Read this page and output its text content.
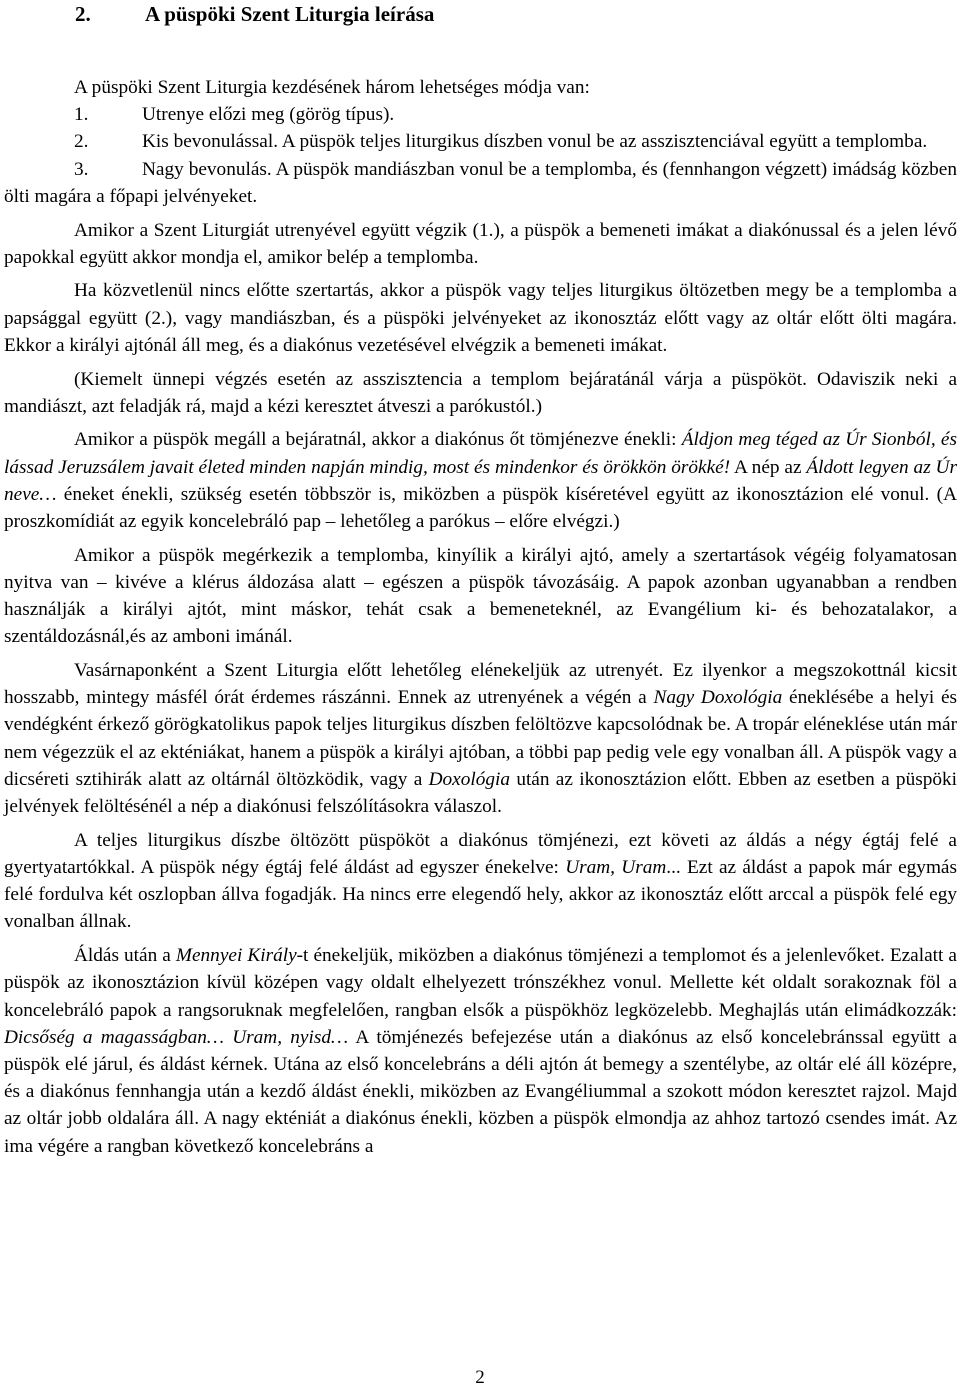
2.	A püspöki Szent Liturgia leírása

A püspöki Szent Liturgia kezdésének három lehetséges módja van:

1.	Utrenye előzi meg (görög típus).

2.	Kis bevonulással. A püspök teljes liturgikus díszben vonul be az asszisztenciával együtt a templomba.

3.	Nagy bevonulás. A püspök mandiászban vonul be a templomba, és (fennhangon végzett) imádság közben ölti magára a főpapi jelvényeket.

Amikor a Szent Liturgiát utrenyével együtt végzik (1.), a püspök a bemeneti imákat a diakónussal és a jelen lévő papokkal együtt akkor mondja el, amikor belép a templomba.

Ha közvetlenül nincs előtte szertartás, akkor a püspök vagy teljes liturgikus öltözetben megy be a templomba a papsággal együtt (2.), vagy mandiászban, és a püspöki jelvényeket az ikonosztáz előtt vagy az oltár előtt ölti magára. Ekkor a királyi ajtónál áll meg, és a diakónus vezetésével elvégzik a bemeneti imákat.

(Kiemelt ünnepi végzés esetén az asszisztencia a templom bejáratánál várja a püspököt. Odaviszik neki a mandiászt, azt feladják rá, majd a kézi keresztet átveszi a parókustól.)

Amikor a püspök megáll a bejáratnál, akkor a diakónus őt tömjénezve énekli: Áldjon meg téged az Úr Sionból, és lássad Jeruzsálem javait életed minden napján mindig, most és mindenkor és örökkön örökké! A nép az Áldott legyen az Úr neve… éneket énekli, szükség esetén többször is, miközben a püspök kíséretével együtt az ikonosztázion elé vonul. (A proszkomídiát az egyik koncelebráló pap – lehetőleg a parókus – előre elvégzi.)

Amikor a püspök megérkezik a templomba, kinyílik a királyi ajtó, amely a szertartások végéig folyamatosan nyitva van – kivéve a klérus áldozása alatt – egészen a püspök távozásáig. A papok azonban ugyanabban a rendben használják a királyi ajtót, mint máskor, tehát csak a bemeneteknél, az Evangélium ki- és behozatalakor, a szentáldozásnál,és az amboni imánál.

Vasárnaponként a Szent Liturgia előtt lehetőleg elénekeljük az utrenyét. Ez ilyenkor a megszokottnál kicsit hosszabb, mintegy másfél órát érdemes rászánni. Ennek az utrenyének a végén a Nagy Doxológia éneklésébe a helyi és vendégként érkező görögkatolikus papok teljes liturgikus díszben felöltözve kapcsolódnak be. A tropár eléneklése után már nem végezzük el az ekténiákat, hanem a püspök a királyi ajtóban, a többi pap pedig vele egy vonalban áll. A püspök vagy a dicséreti sztihirák alatt az oltárnál öltözködik, vagy a Doxológia után az ikonosztázion előtt. Ebben az esetben a püspöki jelvények felöltésénél a nép a diakónusi felszólításokra válaszol.

A teljes liturgikus díszbe öltözött püspököt a diakónus tömjénezi, ezt követi az áldás a négy égtáj felé a gyertyatartókkal. A püspök négy égtáj felé áldást ad egyszer énekelve: Uram, Uram... Ezt az áldást a papok már egymás felé fordulva két oszlopban állva fogadják. Ha nincs erre elegendő hely, akkor az ikonosztáz előtt arccal a püspök felé egy vonalban állnak.

Áldás után a Mennyei Király-t énekeljük, miközben a diakónus tömjénezi a templomot és a jelenlevőket. Ezalatt a püspök az ikonosztázion kívül középen vagy oldalt elhelyezett trónszékhez vonul. Mellette két oldalt sorakoznak föl a koncelebráló papok a rangsoruknak megfelelően, rangban elsők a püspökhöz legközelebb. Meghajlás után elimádkozzák: Dicsőség a magasságban… Uram, nyisd… A tömjénezés befejezése után a diakónus az első koncelebránssal együtt a püspök elé járul, és áldást kérnek. Utána az első koncelebráns a déli ajtón át bemegy a szentélybe, az oltár elé áll középre, és a diakónus fennhangja után a kezdő áldást énekli, miközben az Evangéliummal a szokott módon keresztet rajzol. Majd az oltár jobb oldalára áll. A nagy ekténiát a diakónus énekli, közben a püspök elmondja az ahhoz tartozó csendes imát. Az ima végére a rangban következő koncelebráns a

2
